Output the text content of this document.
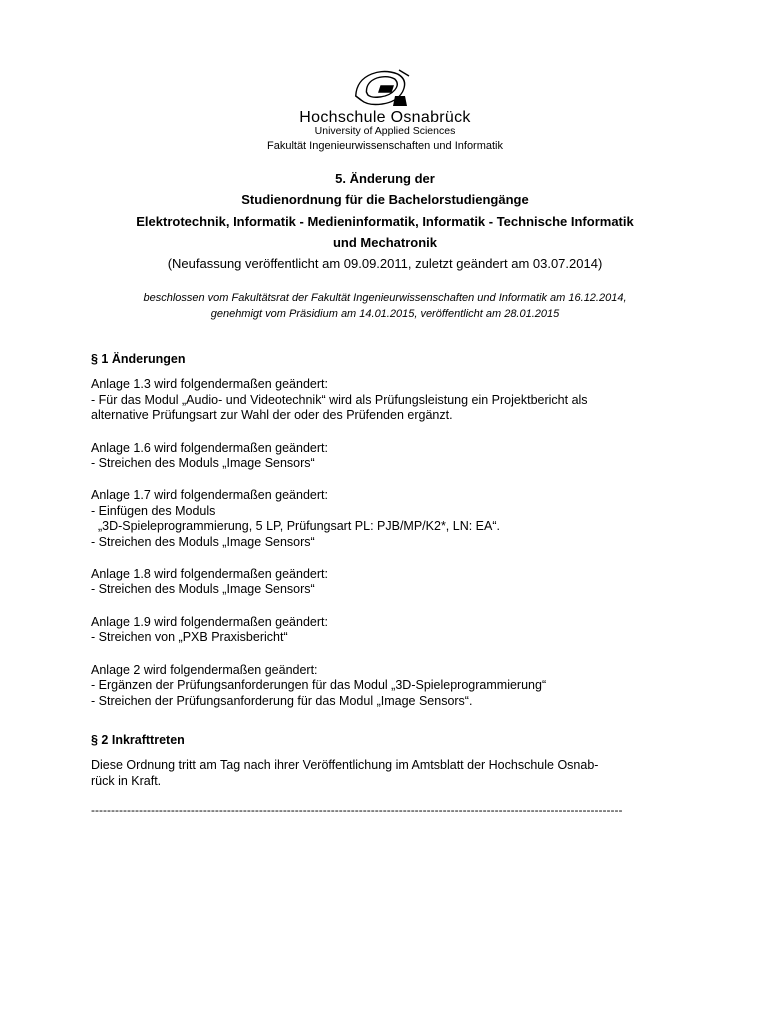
Hochschule Osnabrück
University of Applied Sciences
Fakultät Ingenieurwissenschaften und Informatik
5. Änderung der
Studienordnung für die Bachelorstudiengänge
Elektrotechnik, Informatik - Medieninformatik, Informatik - Technische Informatik
und Mechatronik
(Neufassung veröffentlicht am 09.09.2011, zuletzt geändert am 03.07.2014)
beschlossen vom Fakultätsrat der Fakultät Ingenieurwissenschaften und Informatik am 16.12.2014,
genehmigt vom Präsidium am 14.01.2015, veröffentlicht am 28.01.2015
§ 1 Änderungen
Anlage 1.3 wird folgendermaßen geändert:
- Für das Modul „Audio- und Videotechnik“ wird als Prüfungsleistung ein Projektbericht als
alternative Prüfungsart zur Wahl der oder des Prüfenden ergänzt.
Anlage 1.6 wird folgendermaßen geändert:
- Streichen des Moduls „Image Sensors“
Anlage 1.7 wird folgendermaßen geändert:
- Einfügen des Moduls
„3D-Spieleprogrammierung, 5 LP, Prüfungsart PL: PJB/MP/K2*, LN: EA“.
- Streichen des Moduls „Image Sensors“
Anlage 1.8 wird folgendermaßen geändert:
- Streichen des Moduls „Image Sensors“
Anlage 1.9 wird folgendermaßen geändert:
- Streichen von „PXB Praxisbericht“
Anlage 2 wird folgendermaßen geändert:
- Ergänzen der Prüfungsanforderungen für das Modul „3D-Spieleprogrammierung“
- Streichen der Prüfungsanforderung für das Modul „Image Sensors“.
§ 2 Inkrafttreten
Diese Ordnung tritt am Tag nach ihrer Veröffentlichung im Amtsblatt der Hochschule Osnab-
rück in Kraft.
-------------------------------------------------------------------------------------------------------------------------------------
